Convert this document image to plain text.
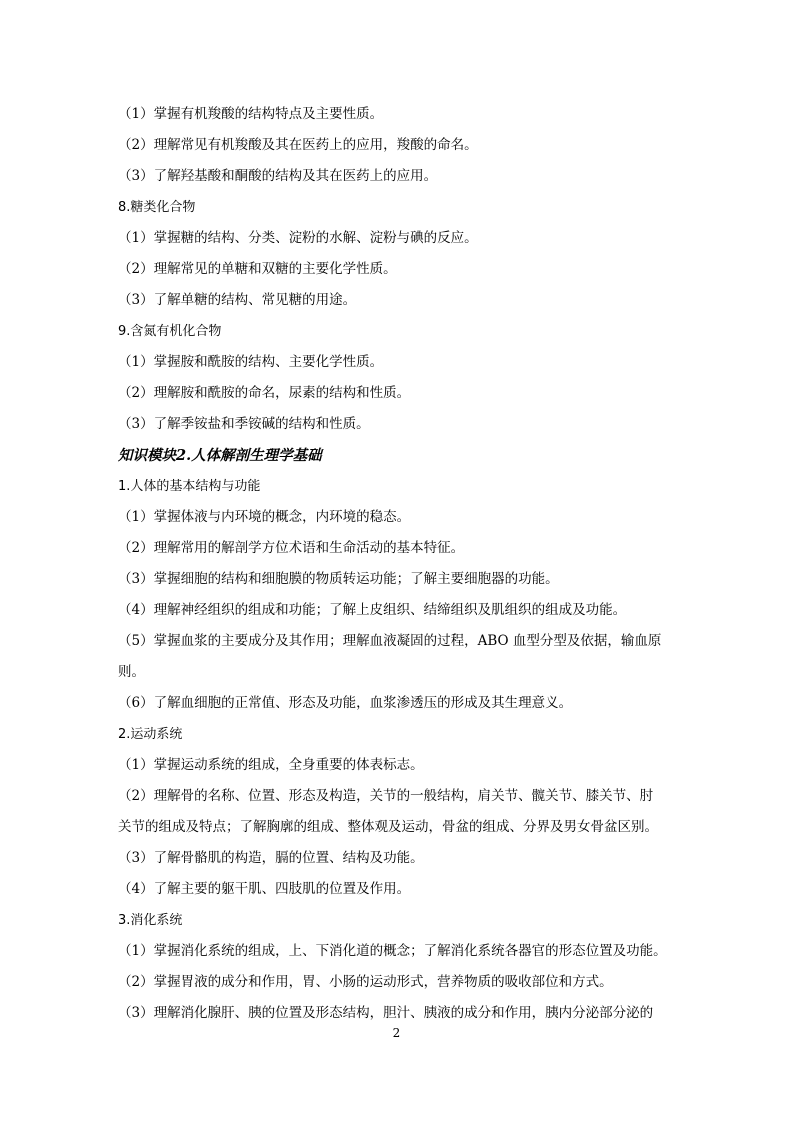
（1）掌握有机羧酸的结构特点及主要性质。

（2）理解常见有机羧酸及其在医药上的应用，羧酸的命名。

（3）了解羟基酸和酮酸的结构及其在医药上的应用。

8.糖类化合物

（1）掌握糖的结构、分类、淀粉的水解、淀粉与碘的反应。

（2）理解常见的单糖和双糖的主要化学性质。

（3）了解单糖的结构、常见糖的用途。

9.含氮有机化合物

（1）掌握胺和酰胺的结构、主要化学性质。

（2）理解胺和酰胺的命名，尿素的结构和性质。

（3）了解季铵盐和季铵碱的结构和性质。

知识模块2.人体解剖生理学基础

1.人体的基本结构与功能

（1）掌握体液与内环境的概念，内环境的稳态。

（2）理解常用的解剖学方位术语和生命活动的基本特征。

（3）掌握细胞的结构和细胞膜的物质转运功能；了解主要细胞器的功能。

（4）理解神经组织的组成和功能；了解上皮组织、结缔组织及肌组织的组成及功能。

（5）掌握血浆的主要成分及其作用；理解血液凝固的过程，ABO 血型分型及依据，输血原

则。

（6）了解血细胞的正常值、形态及功能，血浆渗透压的形成及其生理意义。

2.运动系统

（1）掌握运动系统的组成，全身重要的体表标志。

（2）理解骨的名称、位置、形态及构造，关节的一般结构，肩关节、髋关节、膝关节、肘

关节的组成及特点；了解胸廓的组成、整体观及运动，骨盆的组成、分界及男女骨盆区别。

（3）了解骨骼肌的构造，膈的位置、结构及功能。

（4）了解主要的躯干肌、四肢肌的位置及作用。

3.消化系统

（1）掌握消化系统的组成，上、下消化道的概念；了解消化系统各器官的形态位置及功能。

（2）掌握胃液的成分和作用，胃、小肠的运动形式，营养物质的吸收部位和方式。

（3）理解消化腺肝、胰的位置及形态结构，胆汁、胰液的成分和作用，胰内分泌部分泌的

2
